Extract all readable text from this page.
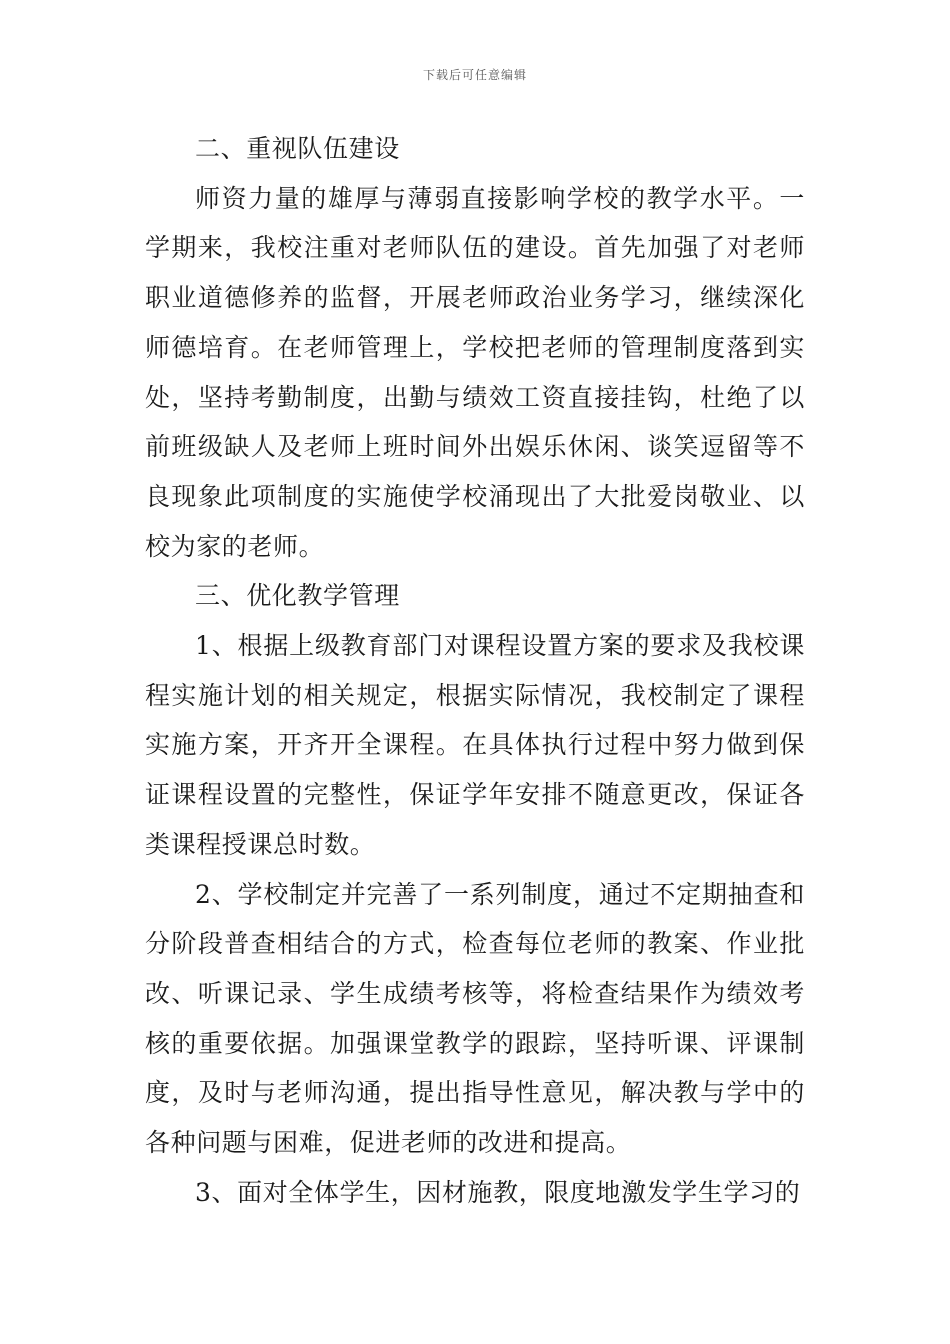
下载后可任意编辑

二、重视队伍建设

师资力量的雄厚与薄弱直接影响学校的教学水平。一学期来，我校注重对老师队伍的建设。首先加强了对老师职业道德修养的监督，开展老师政治业务学习，继续深化师德培育。在老师管理上，学校把老师的管理制度落到实处，坚持考勤制度，出勤与绩效工资直接挂钩，杜绝了以前班级缺人及老师上班时间外出娱乐休闲、谈笑逗留等不良现象此项制度的实施使学校涌现出了大批爱岗敬业、以校为家的老师。

三、优化教学管理

1、根据上级教育部门对课程设置方案的要求及我校课程实施计划的相关规定，根据实际情况，我校制定了课程实施方案，开齐开全课程。在具体执行过程中努力做到保证课程设置的完整性，保证学年安排不随意更改，保证各类课程授课总时数。

2、学校制定并完善了一系列制度，通过不定期抽查和分阶段普查相结合的方式，检查每位老师的教案、作业批改、听课记录、学生成绩考核等，将检查结果作为绩效考核的重要依据。加强课堂教学的跟踪，坚持听课、评课制度，及时与老师沟通，提出指导性意见，解决教与学中的各种问题与困难，促进老师的改进和提高。

3、面对全体学生，因材施教，限度地激发学生学习的
